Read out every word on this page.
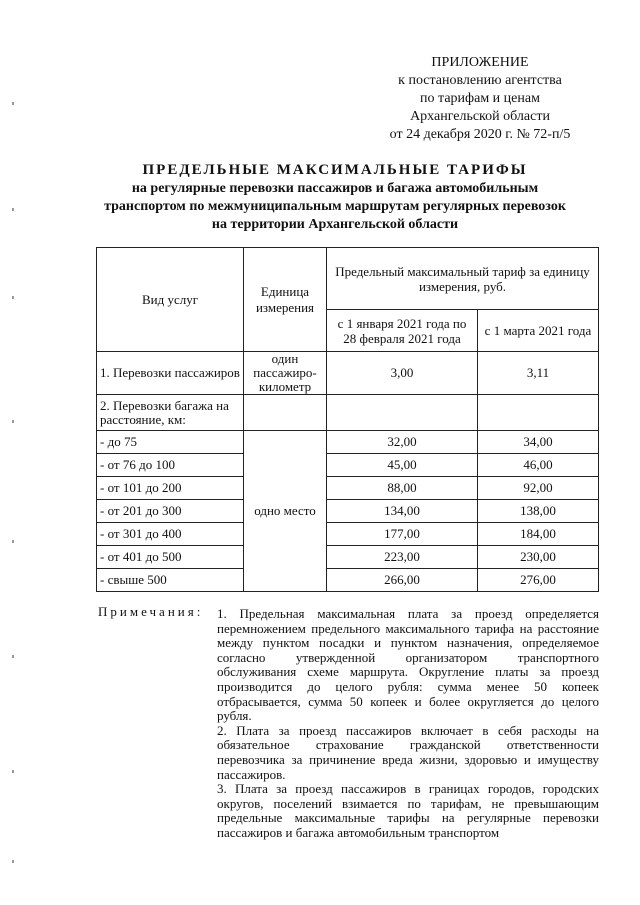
ПРИЛОЖЕНИЕ
к постановлению агентства
по тарифам и ценам
Архангельской области
от 24 декабря 2020 г. № 72-п/5
ПРЕДЕЛЬНЫЕ МАКСИМАЛЬНЫЕ ТАРИФЫ
на регулярные перевозки пассажиров и багажа автомобильным
транспортом по межмуниципальным маршрутам регулярных перевозок
на территории Архангельской области
Вид услуг	Единица измерения	Предельный максимальный тариф за единицу измерения, руб.	
		с 1 января 2021 года по 28 февраля 2021 года	с 1 марта 2021 года
1. Перевозки пассажиров	один пассажиро-километр	3,00	3,11
2. Перевозки багажа на расстояние, км:			
- до 75	одно место	32,00	34,00
- от 76 до 100		45,00	46,00
- от 101 до 200		88,00	92,00
- от 201 до 300		134,00	138,00
- от 301 до 400		177,00	184,00
- от 401 до 500		223,00	230,00
- свыше 500		266,00	276,00
Примечания: 1. Предельная максимальная плата за проезд определяется перемножением предельного максимального тарифа на расстояние между пунктом посадки и пунктом назначения, определяемое согласно утвержденной организатором транспортного обслуживания схеме маршрута. Округление платы за проезд производится до целого рубля: сумма менее 50 копеек отбрасывается, сумма 50 копеек и более округляется до целого рубля.

2. Плата за проезд пассажиров включает в себя расходы на обязательное страхование гражданской ответственности перевозчика за причинение вреда жизни, здоровью и имуществу пассажиров.

3. Плата за проезд пассажиров в границах городов, городских округов, поселений взимается по тарифам, не превышающим предельные максимальные тарифы на регулярные перевозки пассажиров и багажа автомобильным транспортом
